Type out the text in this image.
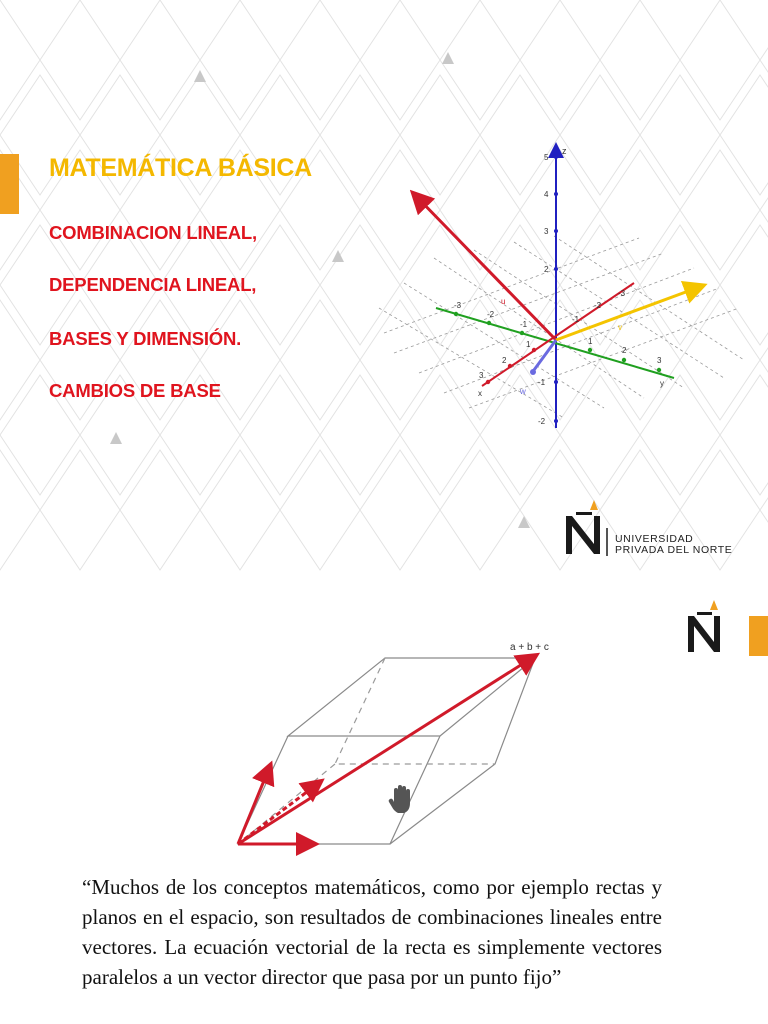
MATEMÁTICA BÁSICA

COMBINACION LINEAL,

DEPENDENCIA LINEAL,

BASES Y DIMENSIÓN.

CAMBIOS DE BASE

z
5
4
3
2
-1
-2
-3
-2
-1
1
2
3
y
1
2
3
x
-3
-2
-1
u
v
w
UNIVERSIDAD
PRIVADA DEL NORTE
a + b + c

“Muchos de los conceptos matemáticos, como por ejemplo rectas y planos en el espacio, son resultados de combinaciones lineales entre vectores. La ecuación vectorial de la recta es simplemente vectores paralelos a un vector director que pasa por un punto fijo”
